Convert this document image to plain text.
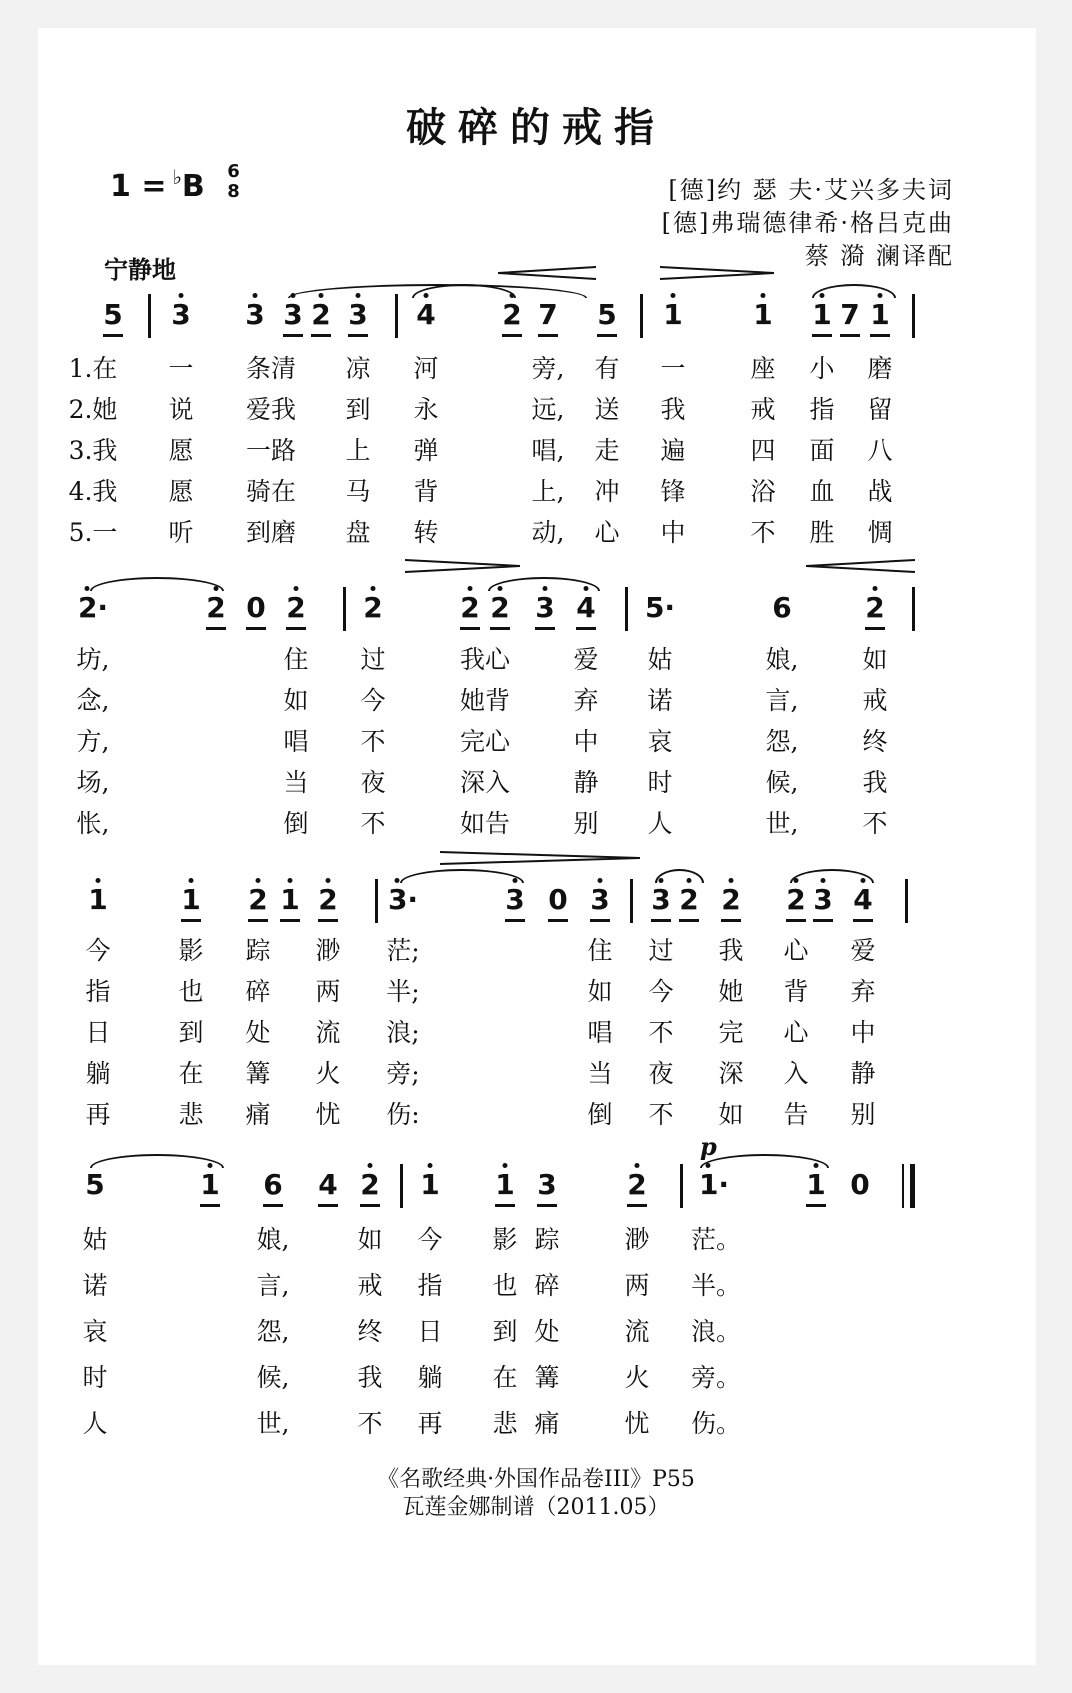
破碎的戒指
1 = ♭B 6
8	[德]约 瑟 夫·艾兴多夫词
[德]弗瑞德律希·格吕克曲
蔡 漪 澜译配
宁静地
p
5 3 3 3 2 3 4 2 7 5 1	1 1 7 1
1.在 一 条清 凉 河	旁, 有 一	座 小 磨
2.她 说 爱我 到 永	远, 送 我	戒 指 留
3.我 愿 一路 上 弹	唱, 走 遍	四 面 八
4.我 愿 骑在 马 背	上, 冲 锋	浴 血 战
5.一 听 到磨 盘 转	动, 心 中	不 胜 惆
2·	2 0 2 2	2 2 3 4 5·	6	2
坊,	住 过	我心	爱 姑	娘,	如
念,	如 今	她背	弃 诺	言,	戒
方,	唱 不	完心	中 哀	怨,	终
场,	当 夜	深入	静 时	候,	我
怅,	倒 不	如告	别 人	世,	不
1	1 2 1 2 3·	3 0 3 3 2 2 2 3 4
今	影 踪 渺 茫;	住 过 我 心 爱
指	也 碎 两 半;	如 今 她 背 弃
日	到 处 流 浪;	唱 不 完 心 中
躺	在 篝 火 旁;	当 夜 深 入 静
再	悲 痛 忧 伤:	倒 不 如 告 别
5	1 6 4 2 1 1 3	2 1·	1 0
姑	娘,	如 今 影 踪	渺 茫。
诺	言,	戒 指 也 碎	两 半。
哀	怨,	终 日 到 处	流 浪。
时	候,	我 躺 在 篝	火 旁。
人	世,	不 再 悲 痛	忧 伤。
《名歌经典·外国作品卷III》P55
瓦莲金娜制谱（2011.05）
